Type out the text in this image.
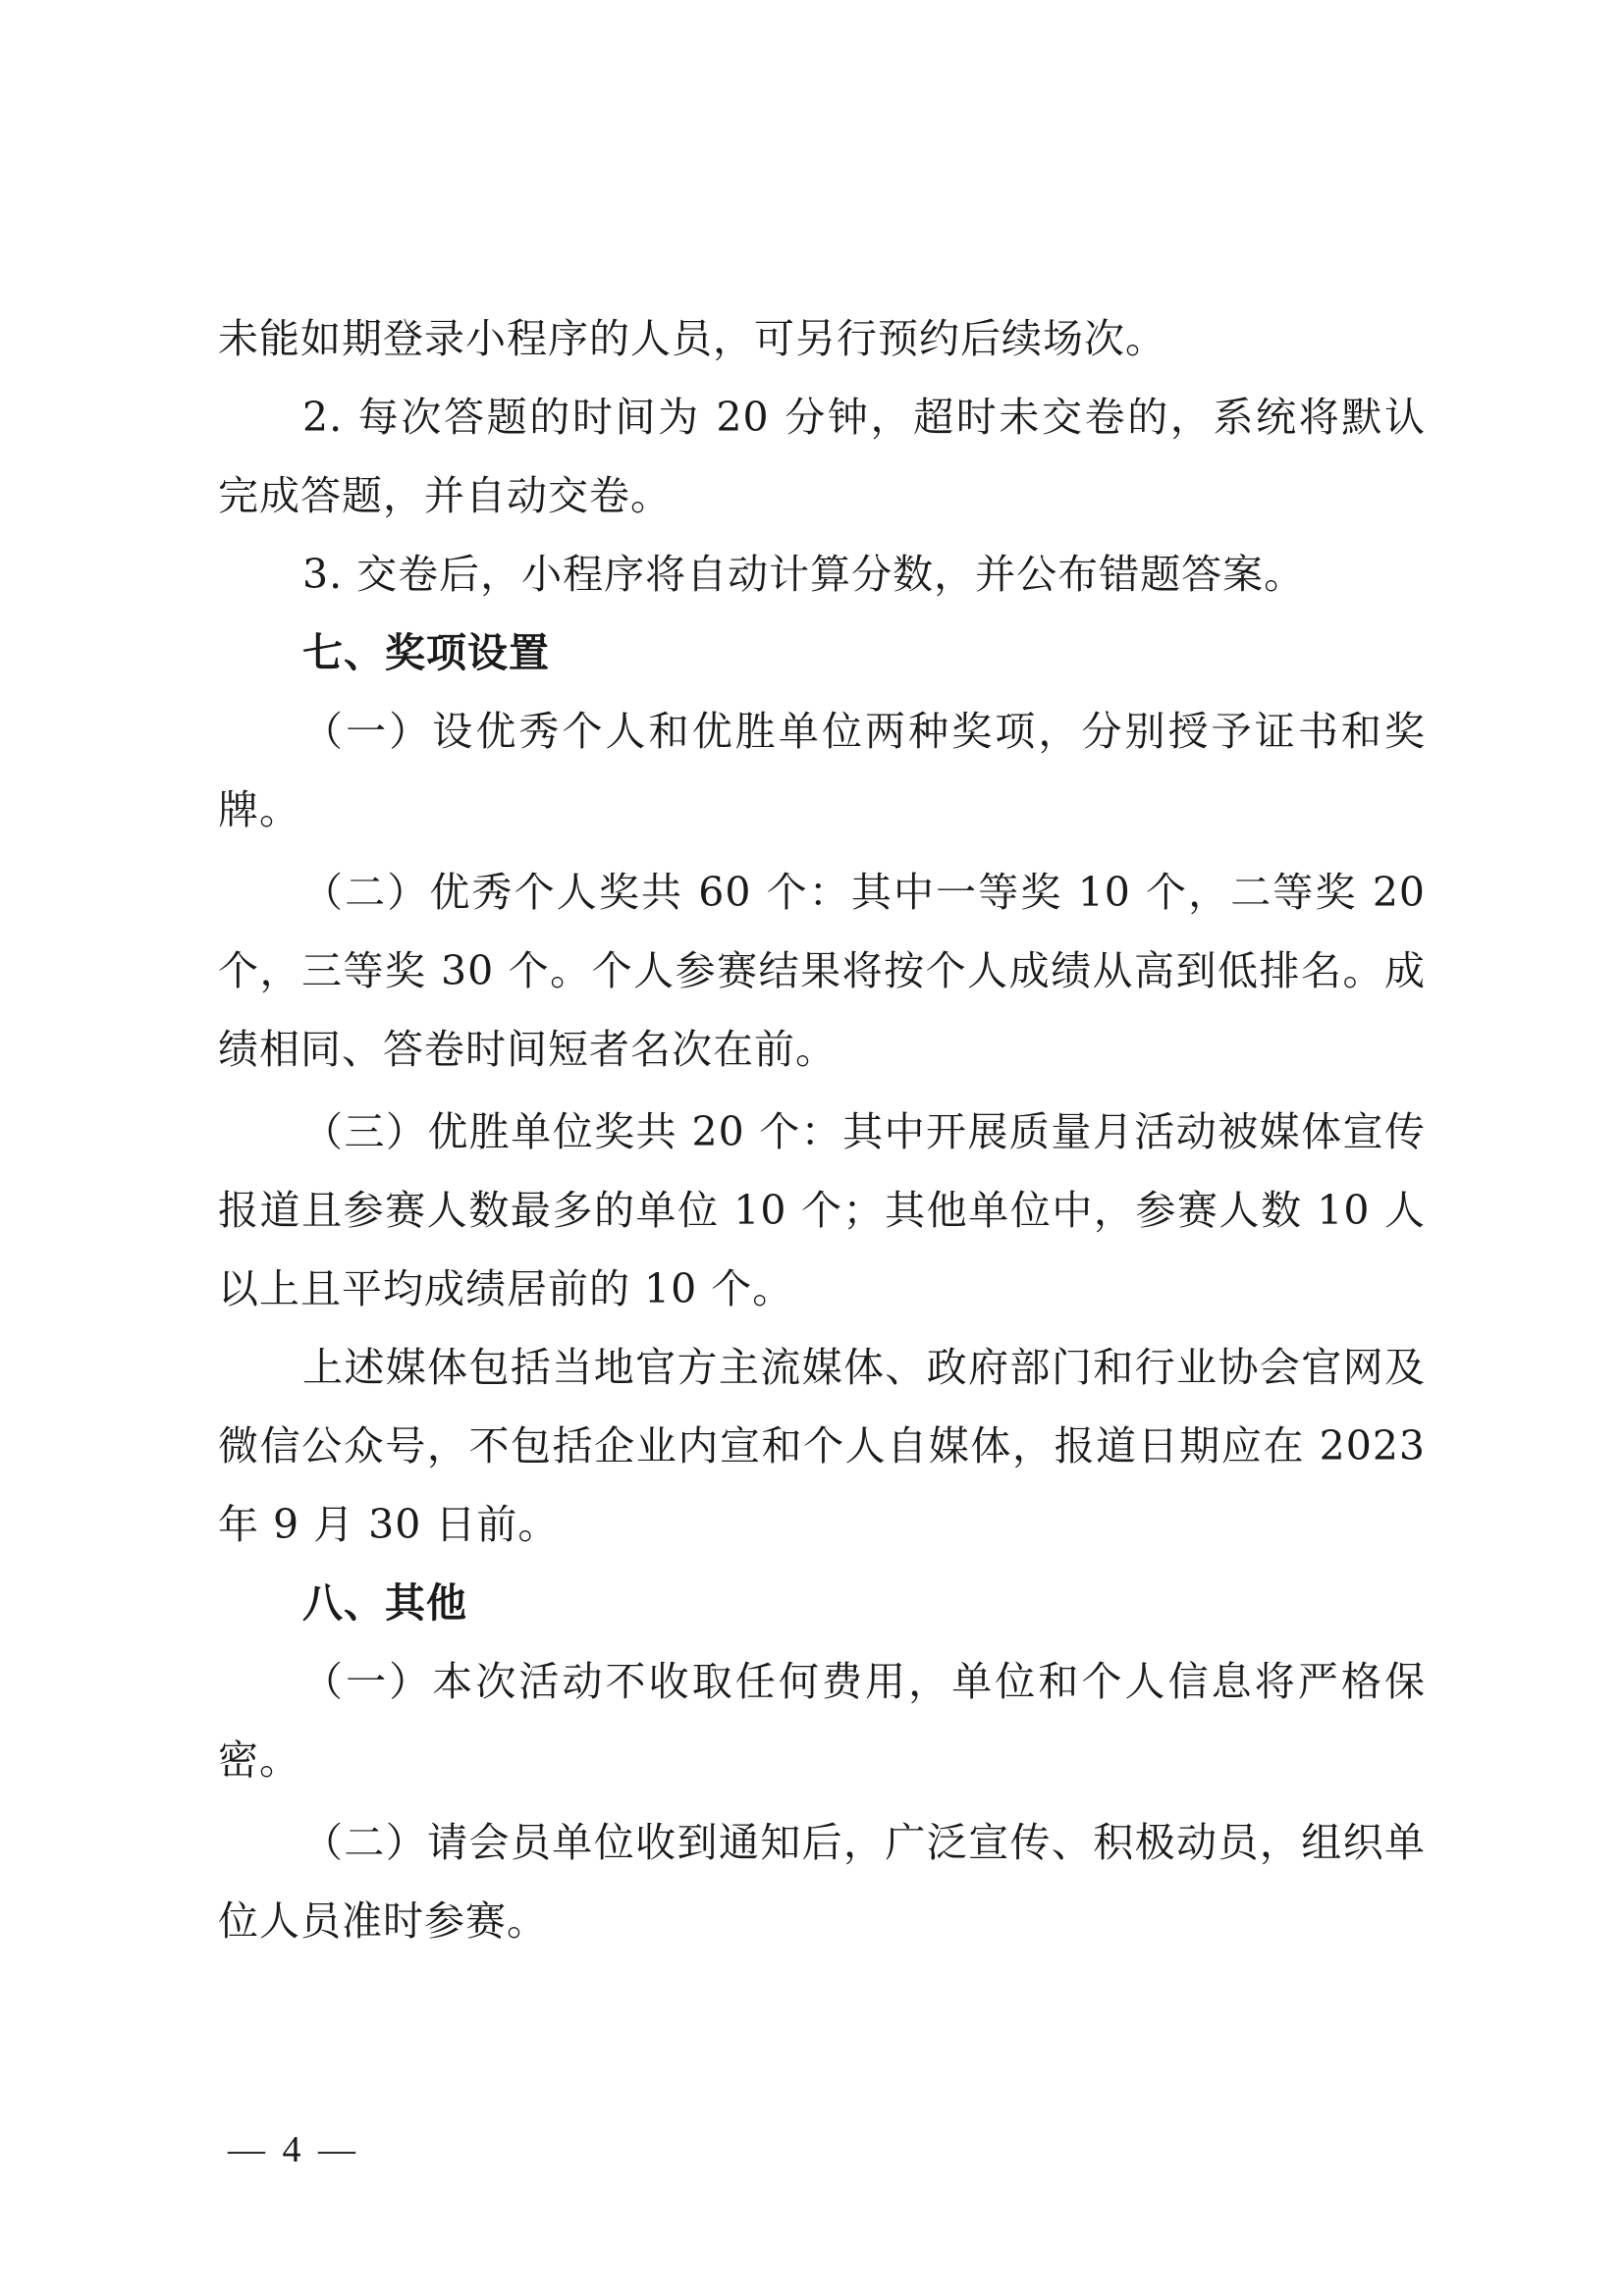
未能如期登录小程序的人员，可另行预约后续场次。

2. 每次答题的时间为 20 分钟，超时未交卷的，系统将默认完成答题，并自动交卷。

3. 交卷后，小程序将自动计算分数，并公布错题答案。

七、奖项设置

（一）设优秀个人和优胜单位两种奖项，分别授予证书和奖牌。

（二）优秀个人奖共 60 个：其中一等奖 10 个，二等奖 20 个，三等奖 30 个。个人参赛结果将按个人成绩从高到低排名。成绩相同、答卷时间短者名次在前。

（三）优胜单位奖共 20 个：其中开展质量月活动被媒体宣传报道且参赛人数最多的单位 10 个；其他单位中，参赛人数 10 人以上且平均成绩居前的 10 个。

上述媒体包括当地官方主流媒体、政府部门和行业协会官网及微信公众号，不包括企业内宣和个人自媒体，报道日期应在 2023 年 9 月 30 日前。

八、其他

（一）本次活动不收取任何费用，单位和个人信息将严格保密。

（二）请会员单位收到通知后，广泛宣传、积极动员，组织单位人员准时参赛。

— 4 —
